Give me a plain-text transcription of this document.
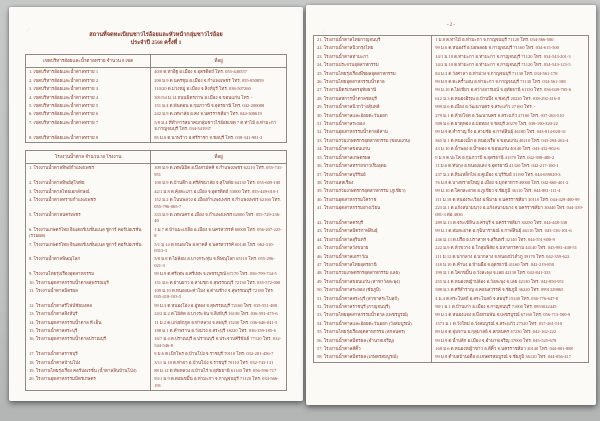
·˙
สถานที่จดทะเบียนชาวไร่อ้อยและหัวหน้ากลุ่มชาวไร่อ้อย
ประจำปี 2568 ครั้งที่ 1
เขตบริหารอ้อยและน้ำตาลทราย จำนวน 8 เขต	ที่อยู่
1. เขตบริหารอ้อยและน้ำตาลทราย 1	40/8 ต.ท่าอิฐ อ.เมือง จ.อุตรดิตถ์ โทร. 055-440557
2. เขตบริหารอ้อยและน้ำตาลทราย 2	200 ม.9 ต.นครชุม อ.เมือง จ.กำแพงเพชร โทร. 055-850859
3. เขตบริหารอ้อยและน้ำตาลทราย 3	110/20 ต.ม่วงหมู่ อ.เมือง จ.สิงห์บุรี โทร. 036-507260
4. เขตบริหารอ้อยและน้ำตาลทราย 4	301/54 ม.14 ถนนมิตรภาพ อ.เมือง จ.ขอนแก่น โทร. -
5. เขตบริหารอ้อยและน้ำตาลทราย 5	151 ม.4 ต.พันดอน อ.กุมภวาปี จ.อุดรธานี โทร. 042-200088
6. เขตบริหารอ้อยและน้ำตาลทราย 6	242 ม.9 ต.เทพาลัย อ.คง จ.นครราชสีมา โทร. 044-300619
7. เขตบริหารอ้อยและน้ำตาลทราย 7	5/8 ม.4 ที่ทำการสมาคมกลุ่มชาวไร่อ้อยเขต 7 ต.ท่าไม้ อ.ท่ามะกา จ.กาญจนบุรี โทร. 034-541937
8. เขตบริหารอ้อยและน้ำตาลทราย 8	85 ม.6 ต.นาพร้าว อ.ศรีราชา จ.ชลบุรี โทร. 038-341-981-2
โรงงานน้ำตาล จำนวน 58 โรงงาน	ที่อยู่
1. โรงงานน้ำตาลทิพย์กำแพงเพชร	309 ม.9 ต.เทพนิมิต อ.บึงสามัคคี จ.กำแพงเพชร 62210 โทร. 055-741-951
2. โรงงานน้ำตาลทิพย์สุโขทัย	100 ม.9 ต.บ้านตึก อ.ศรีสัชนาลัย จ.สุโขทัย 64130 โทร. 055-609-100
3. โรงงานน้ำตาลไทยเอกลักษณ์	42/1 ม.8 ต.คุ้งตะเภา อ.เมือง จ.อุตรดิตถ์ 53000 โทร. 055-449-010-1
4. โรงงานน้ำตาลทรายกำแพงเพชร	152 ม.2 ต.โนนพลวง อ.เมืองกำแพงเพชร จ.กำแพงเพชร 62160 โทร. 055-796-065-7
5. โรงงานน้ำตาลนครเพชร	333 ม.9 ต.เทพนคร อ.เมือง จ.กำแพงเพชร 62000 โทร. 055-729-236-40
6. โรงงานเกษตรไทย อินเตอร์เนชั่นแนล ชูการ์ คอร์ปอเรชั่น (รวมผล)	1 ม.7 ต.บ้านมะเกลือ อ.เมือง จ.นครสวรรค์ 60000 โทร. 056-207-225-8
7. โรงงานเกษตรไทย อินเตอร์เนชั่นแนล ชูการ์ คอร์ปอเรชั่น	5/1 ม.14 ต.หนองโพ อ.ตาคลี จ.นครสวรรค์ 60140 โทร. 062-310-0313-3
8. โรงงานน้ำตาลพิษณุโลก	5/8 ม.8 ต.ไผ่ล้อม อ.บางกระทุ่ม จ.พิษณุโลก 65110 โทร. 055-296-021-3
9. โรงงานไทยรุ่งเรืองอุตสาหกรรม	99 ม.9 ต.ศรีเทพ อ.ศรีเทพ จ.เพชรบูรณ์ 67170 โทร. 056-799-734-5
10. โรงงานอุตสาหกรรมน้ำตาลสุพรรณบุรี	151 ม.6 ต.ย่านยาว อ.สามชุก จ.สุพรรณบุรี 72130 โทร. 035-572-000
11. โรงงานน้ำตาลมิตรผล	109 ม.10 ต.หนองมะค่าโมง อ.ด่านช้าง จ.สุพรรณบุรี 72180 โทร. 035-418-103-5
12. โรงงานน้ำตาลรีไฟน์ชัยมงคล	99 ม.3 ต.หนองโอ่ง อ.อู่ทอง จ.สุพรรณบุรี 72160 โทร. 035-551-488
13. โรงงานน้ำตาลสิงห์บุรี	24/2 ม.2 ต.ไม้ดัด อ.บางระจัน จ.สิงห์บุรี 16130 โทร. 036-591-475-6
14. โรงงานอุตสาหกรรมน้ำตาล ที.เอ็น.	11 ม.2 ต.แก่งผักกูด อ.ท่าหลวง จ.ลพบุรี 15230 โทร. 036-646-041-5
15. โรงงานน้ำตาลสระบุรี	188 ม.1 ต.คำพราน อ.วังม่วง จ.สระบุรี 18220 โทร. 036-359-185-6
16. โรงงานอุตสาหกรรมน้ำตาลปราณบุรี	16/7 ม.4 ต.ปราณบุรี อ.ปราณบุรี จ.ประจวบคีรีขันธ์ 77120 โทร. 032-544-546-8
17. โรงงานน้ำตาลราชบุรี	9 ม.6 ต.เบิกไพร อ.บ้านโป่ง จ.ราชบุรี 70110 โทร. 032-201-456-7
18. โรงงานน้ำตาลบ้านโป่ง	3/11 ม.18 ต.ท่าผา อ.บ้านโป่ง จ.ราชบุรี 70110 โทร. 032-743-131
19. โรงงานไทยรุ่งเรือง คอร์ปอเรชั่น (น้ำตาลลินบ้านโป่ง)	88 ม.12 ต.ทัพหลวง อ.บ้านไร่ จ.อุทัยธานี 61140 โทร. 056-596-717
20. โรงงานอุตสาหกรรมมิตรเกษตร	93/1 ม.9 ต.ดอนขมิ้น อ.ท่ามะกา จ.กาญจนบุรี 71120 โทร. 034-566-191
·˙
- 2 -
21. โรงงานน้ำตาลไทยกาญจนบุรี	1 ม.8 ต.ท่าไม้ อ.ท่ามะกา จ.กาญจนบุรี 71120 โทร. 034-566-500
22. โรงงานน้ำตาลนิวกรุงไทย	99 ม.6 ต.หนองรี อ.บ่อพลอย จ.กาญจนบุรี 71160 โทร. 034-615-500
23. โรงงานน้ำตาลท่ามะกา	14/1 ม.10 ต.ท่ามะกา อ.ท่ามะกา จ.กาญจนบุรี 71120 โทร. 034-543-201-3
24. โรงงานประจวบอุตสาหกรรม	14/2 ม.10 ต.ท่ามะกา อ.ท่ามะกา จ.กาญจนบุรี 71120 โทร. 034-543-123-5
25. โรงงานไทยรุ่งเรืองพืชผลอุตสาหกรรม	84 ม.3 ต.วังศาลา อ.ท่าม่วง จ.กาญจนบุรี 71130 โทร. 034-561-178
26. โรงงานไทยอุตสาหกรรมน้ำตาล	99 ม.9 ต.ตะคร้ำเอน อ.ท่ามะกา จ.กาญจนบุรี 71130 โทร. 034-561-188
27. โรงงานมิตรเกษตรอุทัยธานี	99 ม.10 ต.ไผ่เขียว อ.สว่างอารมณ์ จ.อุทัยธานี 61150 โทร. 056-049-705-6
28. โรงงานสหการน้ำตาลชลบุรี	612 ม.3 ต.หนองอิรุณ อ.บ้านบึง จ.ชลบุรี 20220 โทร. 038-292-416-8
29. โรงงานน้ำตาลนิวกว้างสุ้นหลี	999 ม.6 ต.เมือง อ.วัฒนานคร จ.สระแก้ว 27160 โทร. -
30. โรงงานน้ำตาลและอ้อยตะวันออก	279 ม.1 ต.ห้วยโจด อ.วัฒนานคร จ.สระแก้ว 27160 โทร. 037-263-510
31. โรงงานน้ำตาลระยอง	588 ม.6 ต.ธาตุทอง อ.บ่อทอง จ.ชลบุรี 20270 โทร. 038-190-320-22
32. โรงงานอุตสาหกรรมน้ำตาลอีสาน	99 ม.9 ต.สำราญ กิ่ง อ.สามชัย จ.กาฬสินธุ์ 46180 โทร. 043-814-028-31
33. โรงงานรวมเกษตรกรอุตสาหกรรม (ขอนแก่น)	365 ม.1 ต.หนองเม็ก อ.หนองเรือ จ.ขอนแก่น 40210 โทร. 043-294-202-4
34. โรงงานน้ำตาลขอนแก่น	43 ม.10 ต.น้ำพอง อ.น้ำพอง จ.ขอนแก่น 40140 โทร. 043-432-902-6
35. โรงงานน้ำตาลเกษตรผล	9 ม.9 ต.ปะโค อ.กุมภวาปี จ.อุดรธานี 41370 โทร. 042-398-480-2
36. โรงงานน้ำตาลทรายขาวเริ่มอุดม	11 ม.6 ต.ทับกุง อ.หนองแสง จ.อุดรธานี 41320 โทร. 042-217-160-1
37. โรงงานน้ำตาลบุรีรัมย์	237 ม.2 ต.หินเหล็กไฟ อ.คูเมือง จ.บุรีรัมย์ 31190 โทร. 044-659020-3
38. โรงงานสหเรือง	76 ม.8 ต.บางทรายใหญ่ อ.เมือง จ.มุกดาหาร 49000 โทร. 042-660-401-2
39. โรงงานรวมเกษตรกรอุตสาหกรรม (ภูเขียว)	99 ม.10 ต.โคกสะอาด อ.ภูเขียว จ.ชัยภูมิ 36110 โทร. 044-881-111-4
40. โรงงานอุตสาหกรรมโคราช	111 ม.18 ต.หนองระเวียง อ.พิมาย จ.นครราชสีมา 30110 โทร. 044-429-400-99
41. โรงงานอุตสาหกรรมอ่างเวียน	223 ม.1 ต.แก้งสนามนาง อ.แก้งสนามนาง จ.นครราชสีมา 30440 โทร. 044-339-081-3 ต่อ 4836
42. โรงงานน้ำตาลครบุรี	289 ม.13 ต.จระเข้หิน อ.ครบุรี จ.นครราชสีมา 30250 โทร. 044-448-338
43. โรงงานน้ำตาลมิตรกาฬสินธุ์	99 ม.1 ต.สมสะอาด อ.กุฉินารายณ์ จ.กาฬสินธุ์ 46110 โทร. 043-136-101-6
44. โรงงานน้ำตาลสุรินทร์	246 ม.13 ต.ปรือ อ.ปราสาท จ.สุรินทร์ 32140 โทร. 044-551-600-9
45. โรงงานน้ำตาลวังขนาย	222 ม.9 ต.หัวขวาง อ.โกสุมพิสัย จ.มหาสารคาม 44140 โทร. 043-981-448-51
46. โรงงานน้ำตาลเอราวัณ	111 ม.12 ต.นากลาง อ.นากลาง จ.หนองบัวลำภู 39170 โทร. 042-359-622
47. โรงงานน้ำตาลไทยอุดรธานี	118 ม.10 ต.คำบง อ.บ้านผือ จ.อุดรธานี 41160 โทร. 042-219-850
48. โรงงานรวมเกษตรกรอุตสาหกรรม (เลย)	199 ม.1 ต.โคกขมิ้น อ.วังสะพุง จ.เลย 42130 โทร. 042-841-333
49. โรงงานน้ำตาลขอนแก่น (สาขาวังสะพุง)	255 ม.4 ต.หนองหญ้าปล้อง อ.วังสะพุง จ.เลย 42130 โทร. 042-850-951
50. โรงงานน้ำตาลระยอง (ชัยภูมิ)	588 ม.3 ต.ศรีสำราญ อ.คอนสวรรค์ จ.ชัยภูมิ 36220 โทร. 0991329865
51. โรงงานน้ำตาลสระบุรี (สาขาสระโบสถ์)	4 ม.4 ต.สระโบสถ์ อ.สระโบสถ์ จ.ลพบุรี 15240 โทร. 036-776-647-8
52. โรงงานน้ำตาลราชบุรี (กาญจนบุรี)	98/1 ม.1 ต.บ้านเก่า อ.เมือง จ.กาญจนบุรี 71000 โทร. 0853022445
53. โรงงานไทยอุตสาหกรรมน้ำตาล (เพชรบูรณ์)	99 ม.3 ต.หนองแจง อ.บึงสามพัน จ.เพชรบูรณ์ 67160 โทร. 056-713-500-9
54. โรงงานน้ำตาลและอ้อยตะวันออก (วังสมบูรณ์)	1573 ม.1 ต.วังใหม่ อ.วังสมบูรณ์ จ.สระแก้ว 27520 โทร. 037-261-510
55. โรงงานไทยรุ่งเรืองอุตสาหกรรม (สกลนคร)	89 ม.8 ต.อุ่มจาน อ.กุสุมาลย์ จ.สกลนคร 47230 โทร. 042-162-222
56. โรงงานน้ำตาลมิตรผล (อำนาจเจริญ)	99 ม.9 ต.น้ำปลีก อ.เมือง จ.อำนาจเจริญ 37000 โทร. 045-525-678
57. โรงงานน้ำตาลสีคิ้ว	168 ม.6 ต.หนองหญ้าขาว อ.สีคิ้ว จ.นครราชสีมา 30140 โทร. 044-001-888
58. โรงงานน้ำตาลมิตรผล (เกษตรสมบูรณ์)	99 ม.8 ตำบลบ้านเดื่อ อ.เกษตรสมบูรณ์ จ.ชัยภูมิ 36120 โทร. 044-056-417
